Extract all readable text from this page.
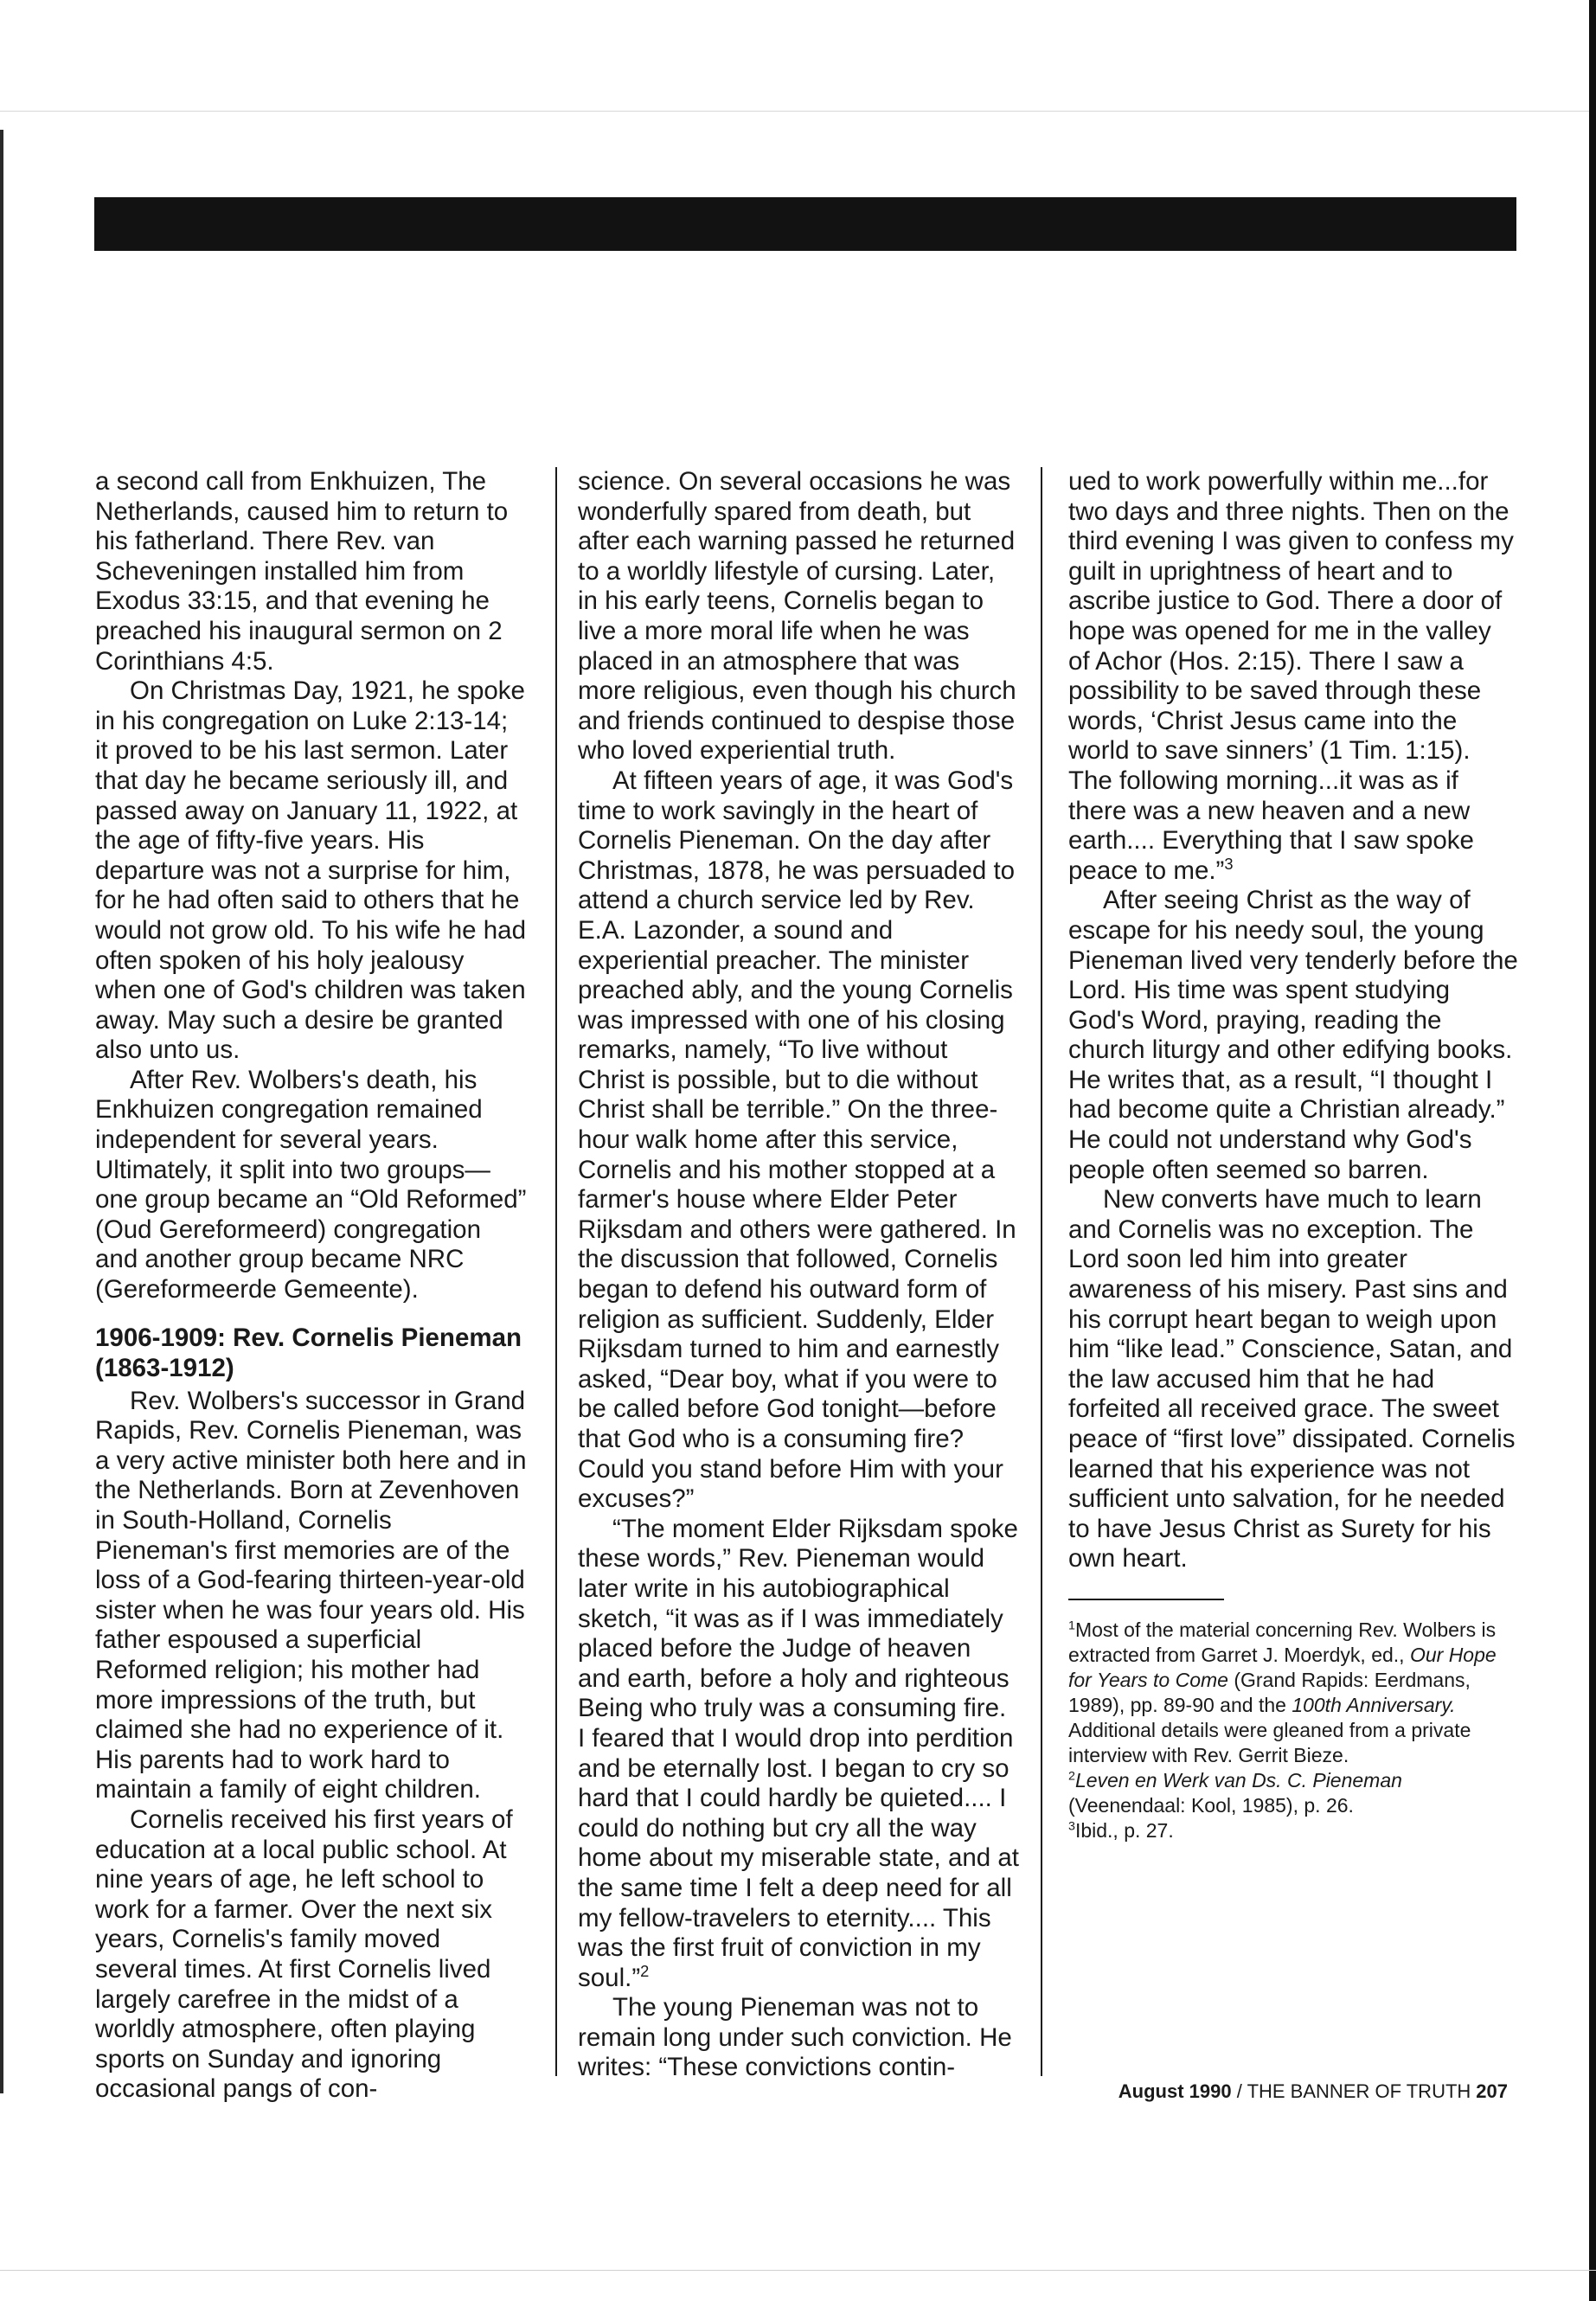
a second call from Enkhuizen, The Netherlands, caused him to return to his fatherland. There Rev. van Scheveningen installed him from Exodus 33:15, and that evening he preached his inaugural sermon on 2 Corinthians 4:5.

On Christmas Day, 1921, he spoke in his congregation on Luke 2:13-14; it proved to be his last sermon. Later that day he became seriously ill, and passed away on January 11, 1922, at the age of fifty-five years. His departure was not a surprise for him, for he had often said to others that he would not grow old. To his wife he had often spoken of his holy jealousy when one of God's children was taken away. May such a desire be granted also unto us.

After Rev. Wolbers's death, his Enkhuizen congregation remained independent for several years. Ultimately, it split into two groups—one group became an “Old Reformed” (Oud Gereformeerd) congregation and another group became NRC (Gereformeerde Gemeente).

1906-1909: Rev. Cornelis Pieneman (1863-1912)

Rev. Wolbers's successor in Grand Rapids, Rev. Cornelis Pieneman, was a very active minister both here and in the Netherlands. Born at Zevenhoven in South-Holland, Cornelis Pieneman's first memories are of the loss of a God-fearing thirteen-year-old sister when he was four years old. His father espoused a superficial Reformed religion; his mother had more impressions of the truth, but claimed she had no experience of it. His parents had to work hard to maintain a family of eight children.

Cornelis received his first years of education at a local public school. At nine years of age, he left school to work for a farmer. Over the next six years, Cornelis's family moved several times. At first Cornelis lived largely carefree in the midst of a worldly atmosphere, often playing sports on Sunday and ignoring occasional pangs of con-

science. On several occasions he was wonderfully spared from death, but after each warning passed he returned to a worldly lifestyle of cursing. Later, in his early teens, Cornelis began to live a more moral life when he was placed in an atmosphere that was more religious, even though his church and friends continued to despise those who loved experiential truth.

At fifteen years of age, it was God's time to work savingly in the heart of Cornelis Pieneman. On the day after Christmas, 1878, he was persuaded to attend a church service led by Rev. E.A. Lazonder, a sound and experiential preacher. The minister preached ably, and the young Cornelis was impressed with one of his closing remarks, namely, “To live without Christ is possible, but to die without Christ shall be terrible.” On the three-hour walk home after this service, Cornelis and his mother stopped at a farmer's house where Elder Peter Rijksdam and others were gathered. In the discussion that followed, Cornelis began to defend his outward form of religion as sufficient. Suddenly, Elder Rijksdam turned to him and earnestly asked, “Dear boy, what if you were to be called before God tonight—before that God who is a consuming fire? Could you stand before Him with your excuses?”

“The moment Elder Rijksdam spoke these words,” Rev. Pieneman would later write in his autobiographical sketch, “it was as if I was immediately placed before the Judge of heaven and earth, before a holy and righteous Being who truly was a consuming fire. I feared that I would drop into perdition and be eternally lost. I began to cry so hard that I could hardly be quieted.... I could do nothing but cry all the way home about my miserable state, and at the same time I felt a deep need for all my fellow-travelers to eternity.... This was the first fruit of conviction in my soul.”$^2$

The young Pieneman was not to remain long under such conviction. He writes: “These convictions contin-

ued to work powerfully within me...for two days and three nights. Then on the third evening I was given to confess my guilt in uprightness of heart and to ascribe justice to God. There a door of hope was opened for me in the valley of Achor (Hos. 2:15). There I saw a possibility to be saved through these words, ‘Christ Jesus came into the world to save sinners’ (1 Tim. 1:15). The following morning...it was as if there was a new heaven and a new earth.... Everything that I saw spoke peace to me.”$^3$

After seeing Christ as the way of escape for his needy soul, the young Pieneman lived very tenderly before the Lord. His time was spent studying God's Word, praying, reading the church liturgy and other edifying books. He writes that, as a result, “I thought I had become quite a Christian already.” He could not understand why God's people often seemed so barren.

New converts have much to learn and Cornelis was no exception. The Lord soon led him into greater awareness of his misery. Past sins and his corrupt heart began to weigh upon him “like lead.” Conscience, Satan, and the law accused him that he had forfeited all received grace. The sweet peace of “first love” dissipated. Cornelis learned that his experience was not sufficient unto salvation, for he needed to have Jesus Christ as Surety for his own heart.

$^1$Most of the material concerning Rev. Wolbers is extracted from Garret J. Moerdyk, ed., Our Hope for Years to Come (Grand Rapids: Eerdmans, 1989), pp. 89-90 and the 100th Anniversary. Additional details were gleaned from a private interview with Rev. Gerrit Bieze.

$^2$Leven en Werk van Ds. C. Pieneman (Veenendaal: Kool, 1985), p. 26.

$^3$Ibid., p. 27.

August 1990 / THE BANNER OF TRUTH 207
